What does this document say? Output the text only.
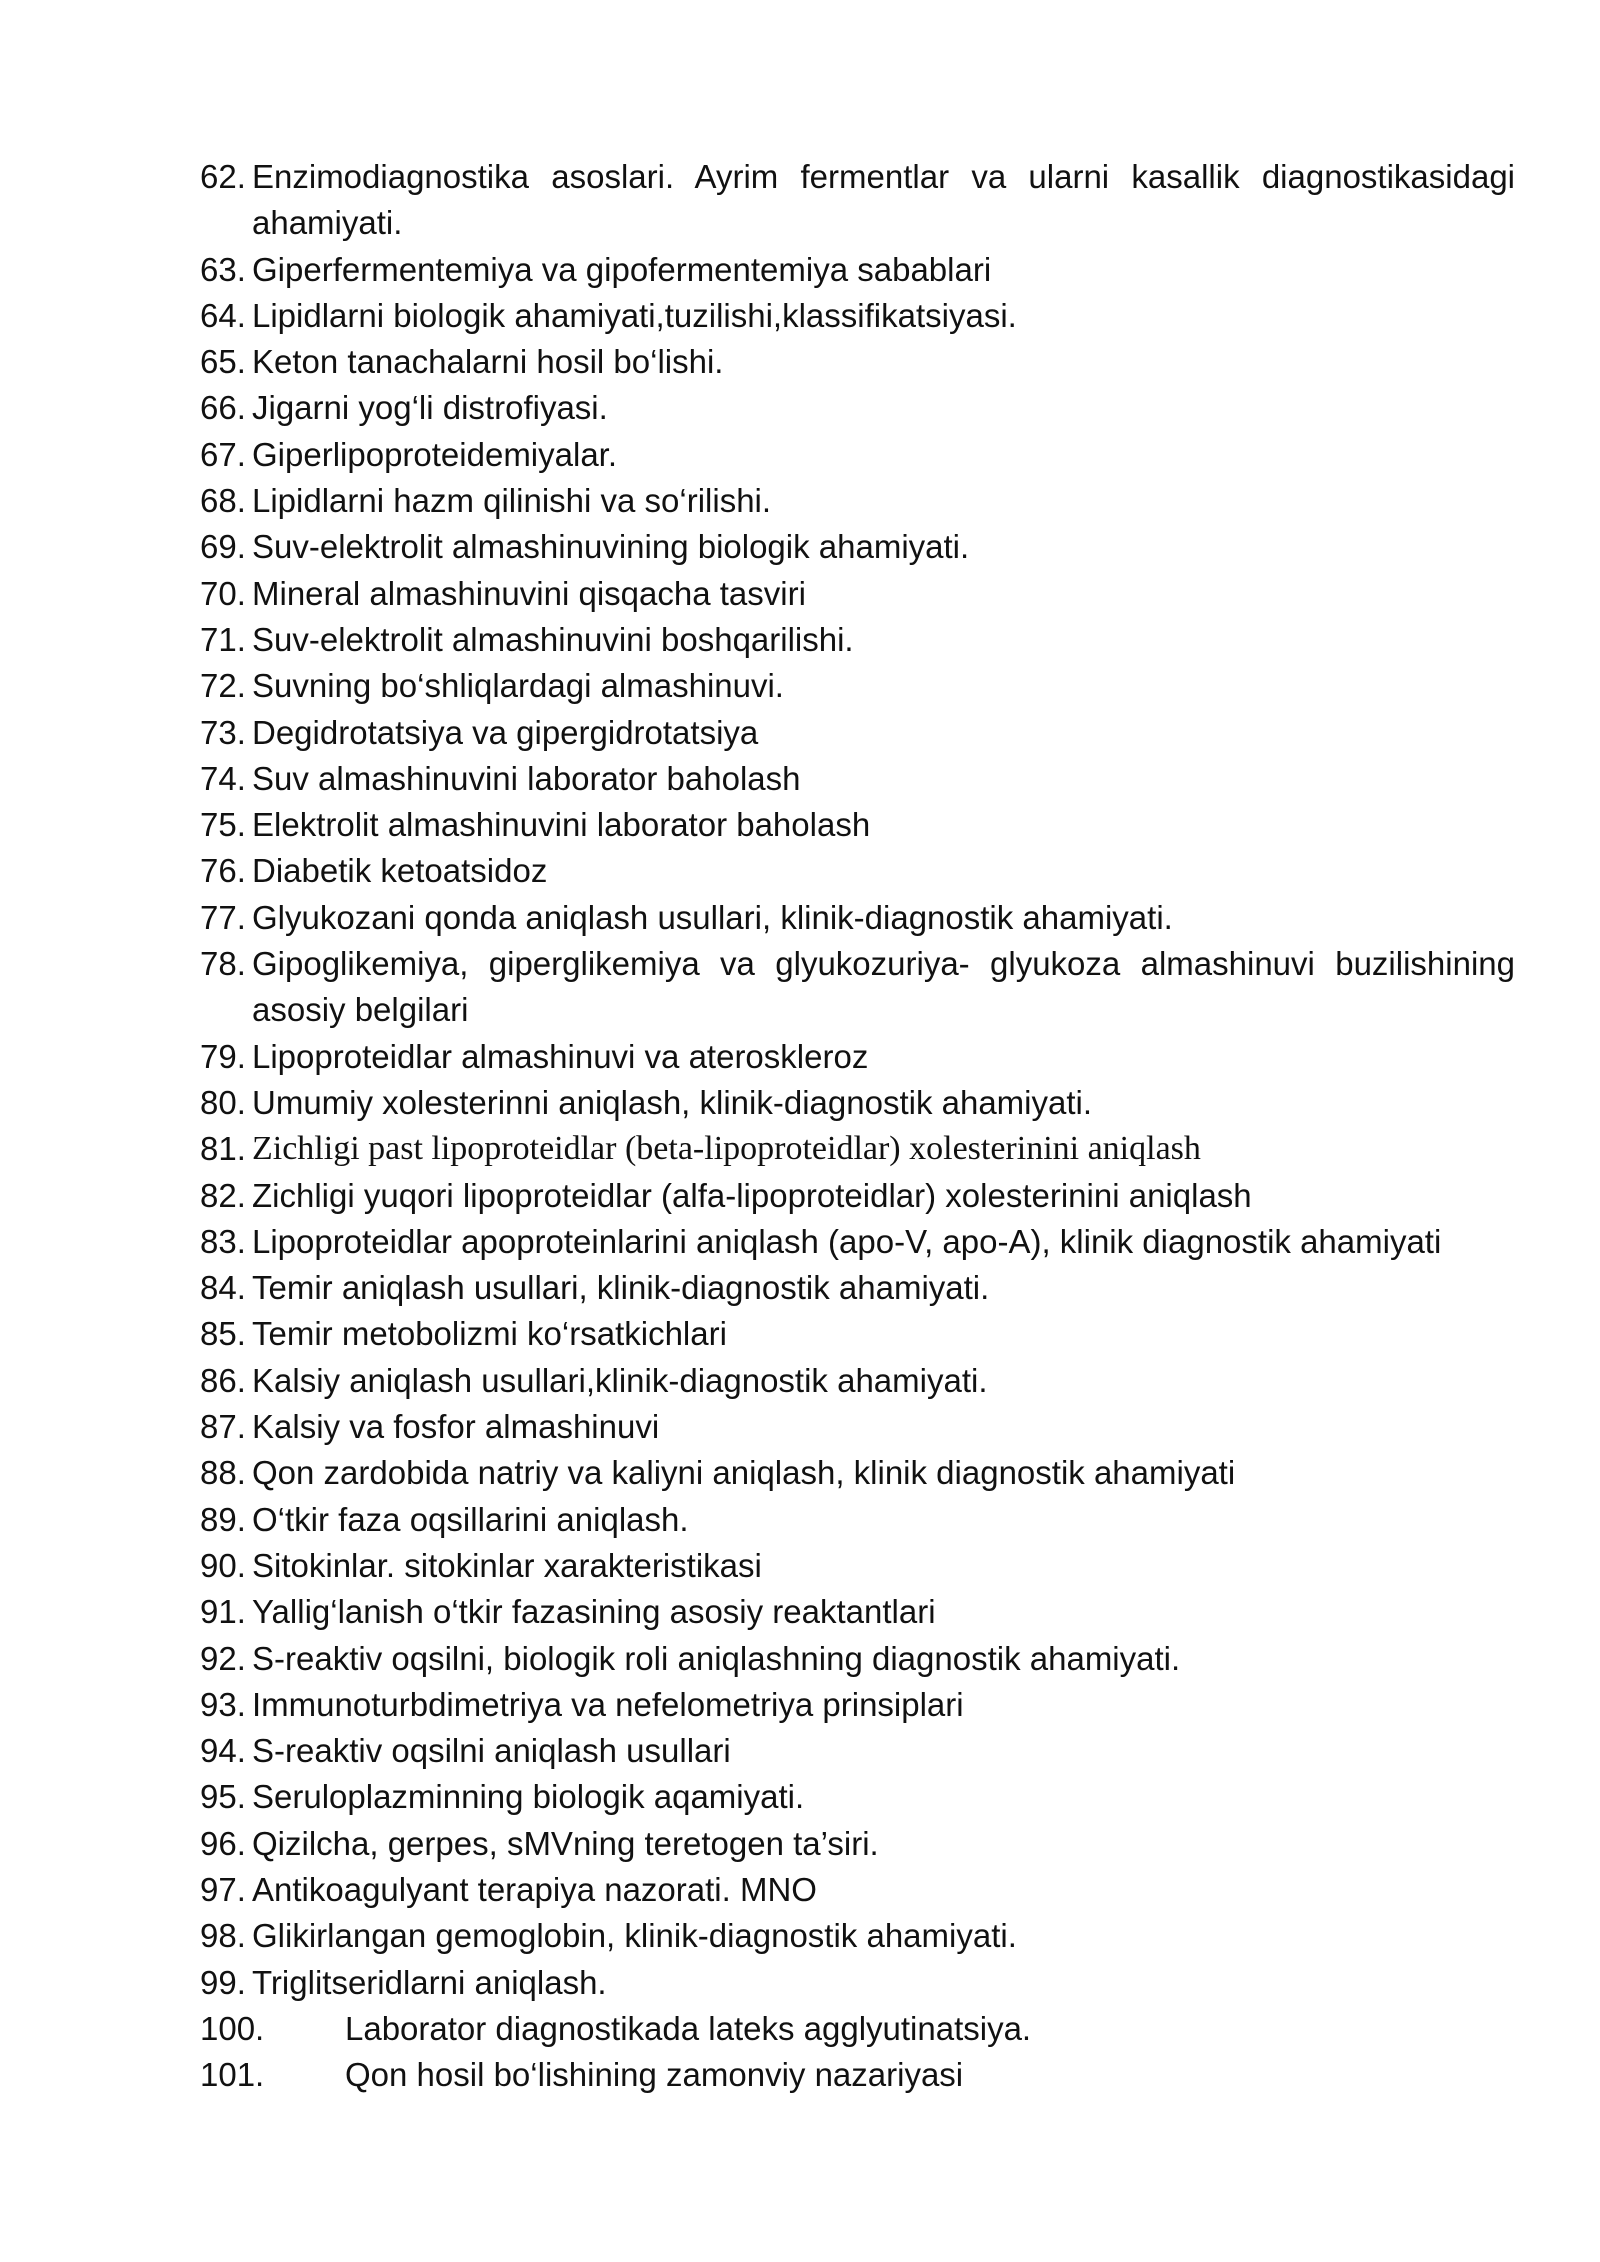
62. Enzimodiagnostika asoslari. Ayrim fermentlar va ularni kasallik diagnostikasidagi ahamiyati.
63. Giperfermentemiya va gipofermentemiya sabablari
64. Lipidlarni biologik ahamiyati,tuzilishi,klassifikatsiyasi.
65. Keton tanachalarni hosil bo‘lishi.
66. Jigarni yog‘li distrofiyasi.
67. Giperlipoproteidemiyalar.
68. Lipidlarni hazm qilinishi va so‘rilishi.
69. Suv-elektrolit almashinuvining biologik ahamiyati.
70. Mineral almashinuvini qisqacha tasviri
71. Suv-elektrolit almashinuvini boshqarilishi.
72. Suvning bo‘shliqlardagi almashinuvi.
73. Degidrotatsiya va gipergidrotatsiya
74. Suv almashinuvini laborator baholash
75. Elektrolit almashinuvini laborator baholash
76. Diabetik ketoatsidoz
77. Glyukozani qonda aniqlash usullari, klinik-diagnostik ahamiyati.
78. Gipoglikemiya, giperglikemiya va glyukozuriya- glyukoza almashinuvi buzilishining asosiy belgilari
79. Lipoproteidlar almashinuvi va ateroskleroz
80. Umumiy xolesterinni aniqlash, klinik-diagnostik ahamiyati.
81. Zichligi past lipoproteidlar (beta-lipoproteidlar) xolesterinini aniqlash
82. Zichligi yuqori lipoproteidlar (alfa-lipoproteidlar) xolesterinini aniqlash
83. Lipoproteidlar apoproteinlarini aniqlash (apo-V, apo-A), klinik diagnostik ahamiyati
84. Temir aniqlash usullari, klinik-diagnostik ahamiyati.
85. Temir metobolizmi ko‘rsatkichlari
86. Kalsiy aniqlash usullari,klinik-diagnostik ahamiyati.
87. Kalsiy va fosfor almashinuvi
88. Qon zardobida natriy va kaliyni aniqlash, klinik diagnostik ahamiyati
89. O‘tkir faza oqsillarini aniqlash.
90. Sitokinlar. sitokinlar xarakteristikasi
91. Yallig‘lanish o‘tkir fazasining asosiy reaktantlari
92. S-reaktiv oqsilni, biologik roli aniqlashning diagnostik ahamiyati.
93. Immunoturbdimetriya va nefelometriya prinsiplari
94. S-reaktiv oqsilni aniqlash usullari
95. Seruloplazminning biologik aqamiyati.
96. Qizilcha, gerpes, sMVning teretogen ta’siri.
97. Antikoagulyant terapiya nazorati. MNO
98. Glikirlangan gemoglobin, klinik-diagnostik ahamiyati.
99. Triglitseridlarni aniqlash.
100. Laborator diagnostikada lateks agglyutinatsiya.
101. Qon hosil bo‘lishining zamonviy nazariyasi
